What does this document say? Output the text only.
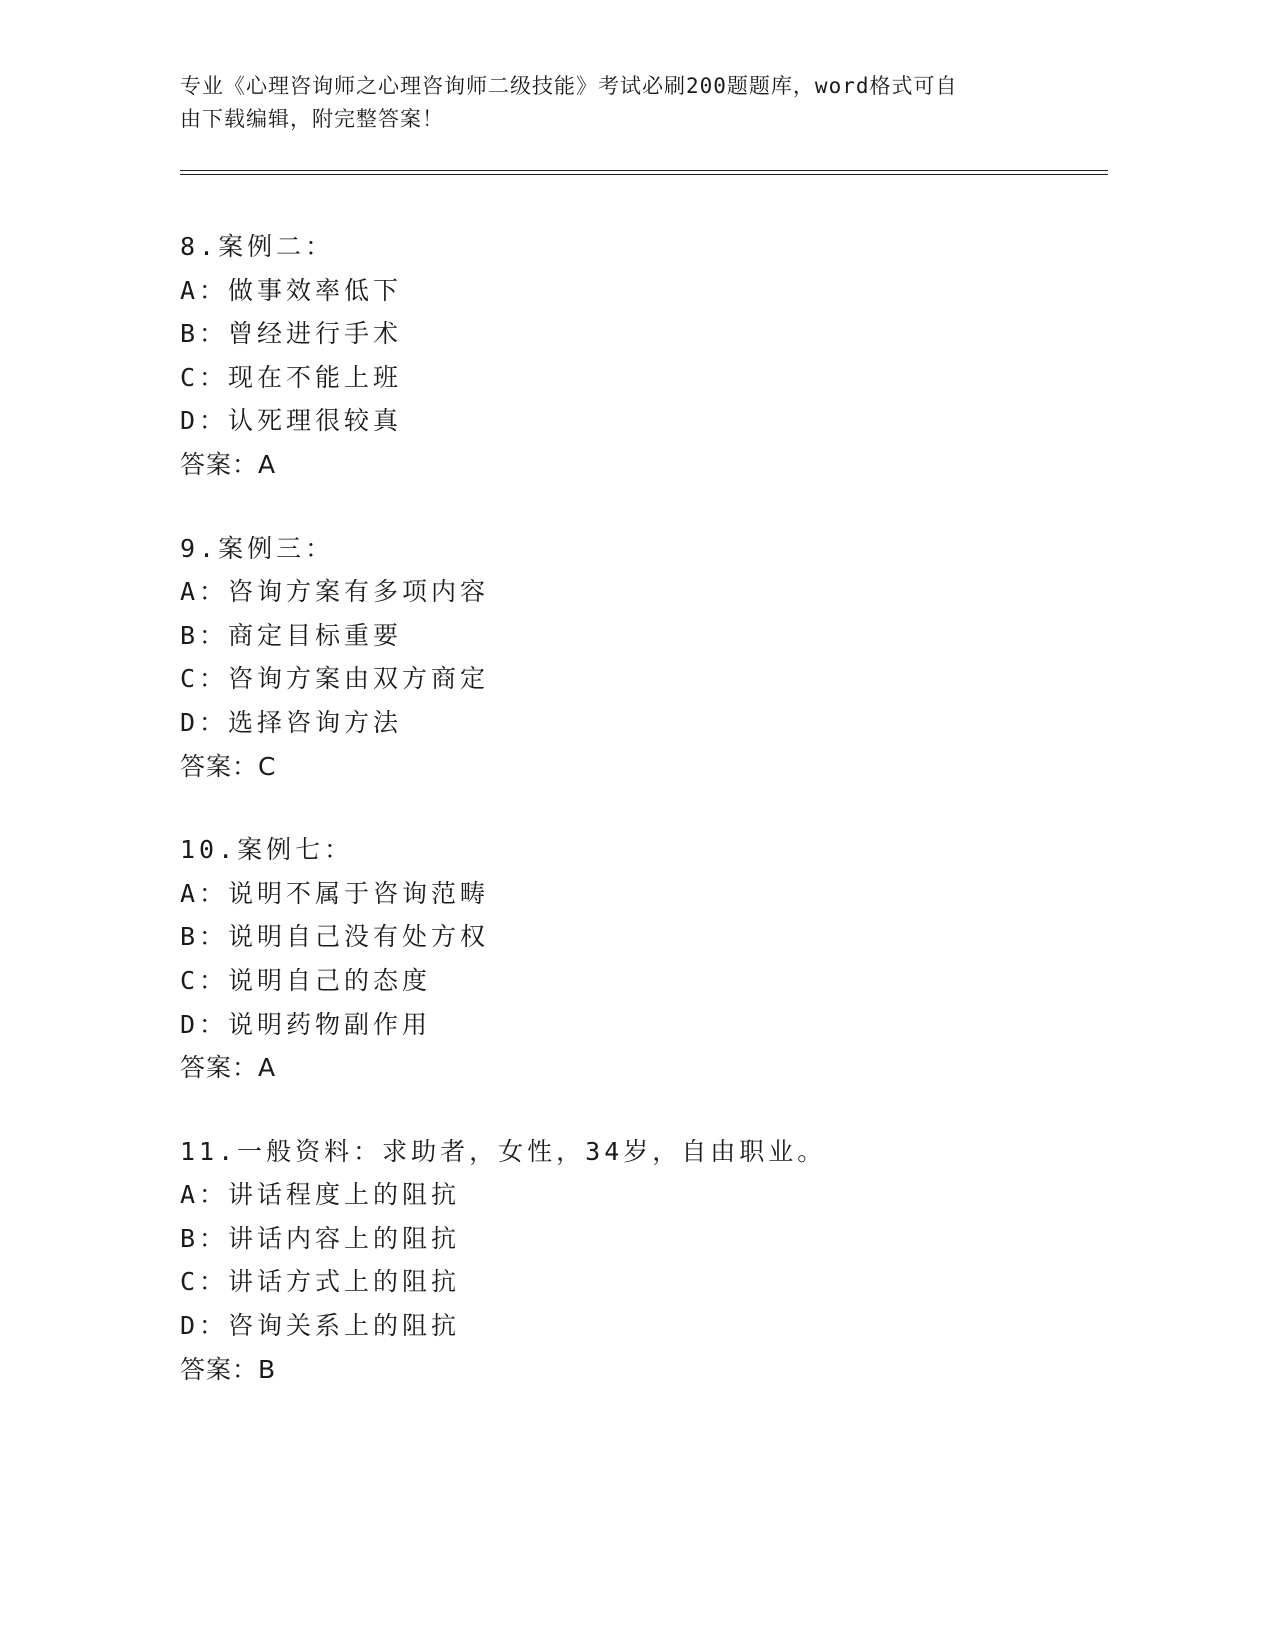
专业《心理咨询师之心理咨询师二级技能》考试必刷200题题库，word格式可自
由下载编辑，附完整答案！
8.案例二：
A：做事效率低下
B：曾经进行手术
C：现在不能上班
D：认死理很较真
答案：A
9.案例三：
A：咨询方案有多项内容
B：商定目标重要
C：咨询方案由双方商定
D：选择咨询方法
答案：C
10.案例七：
A：说明不属于咨询范畴
B：说明自己没有处方权
C：说明自己的态度
D：说明药物副作用
答案：A
11.一般资料：求助者，女性，34岁，自由职业。
A：讲话程度上的阻抗
B：讲话内容上的阻抗
C：讲话方式上的阻抗
D：咨询关系上的阻抗
答案：B
